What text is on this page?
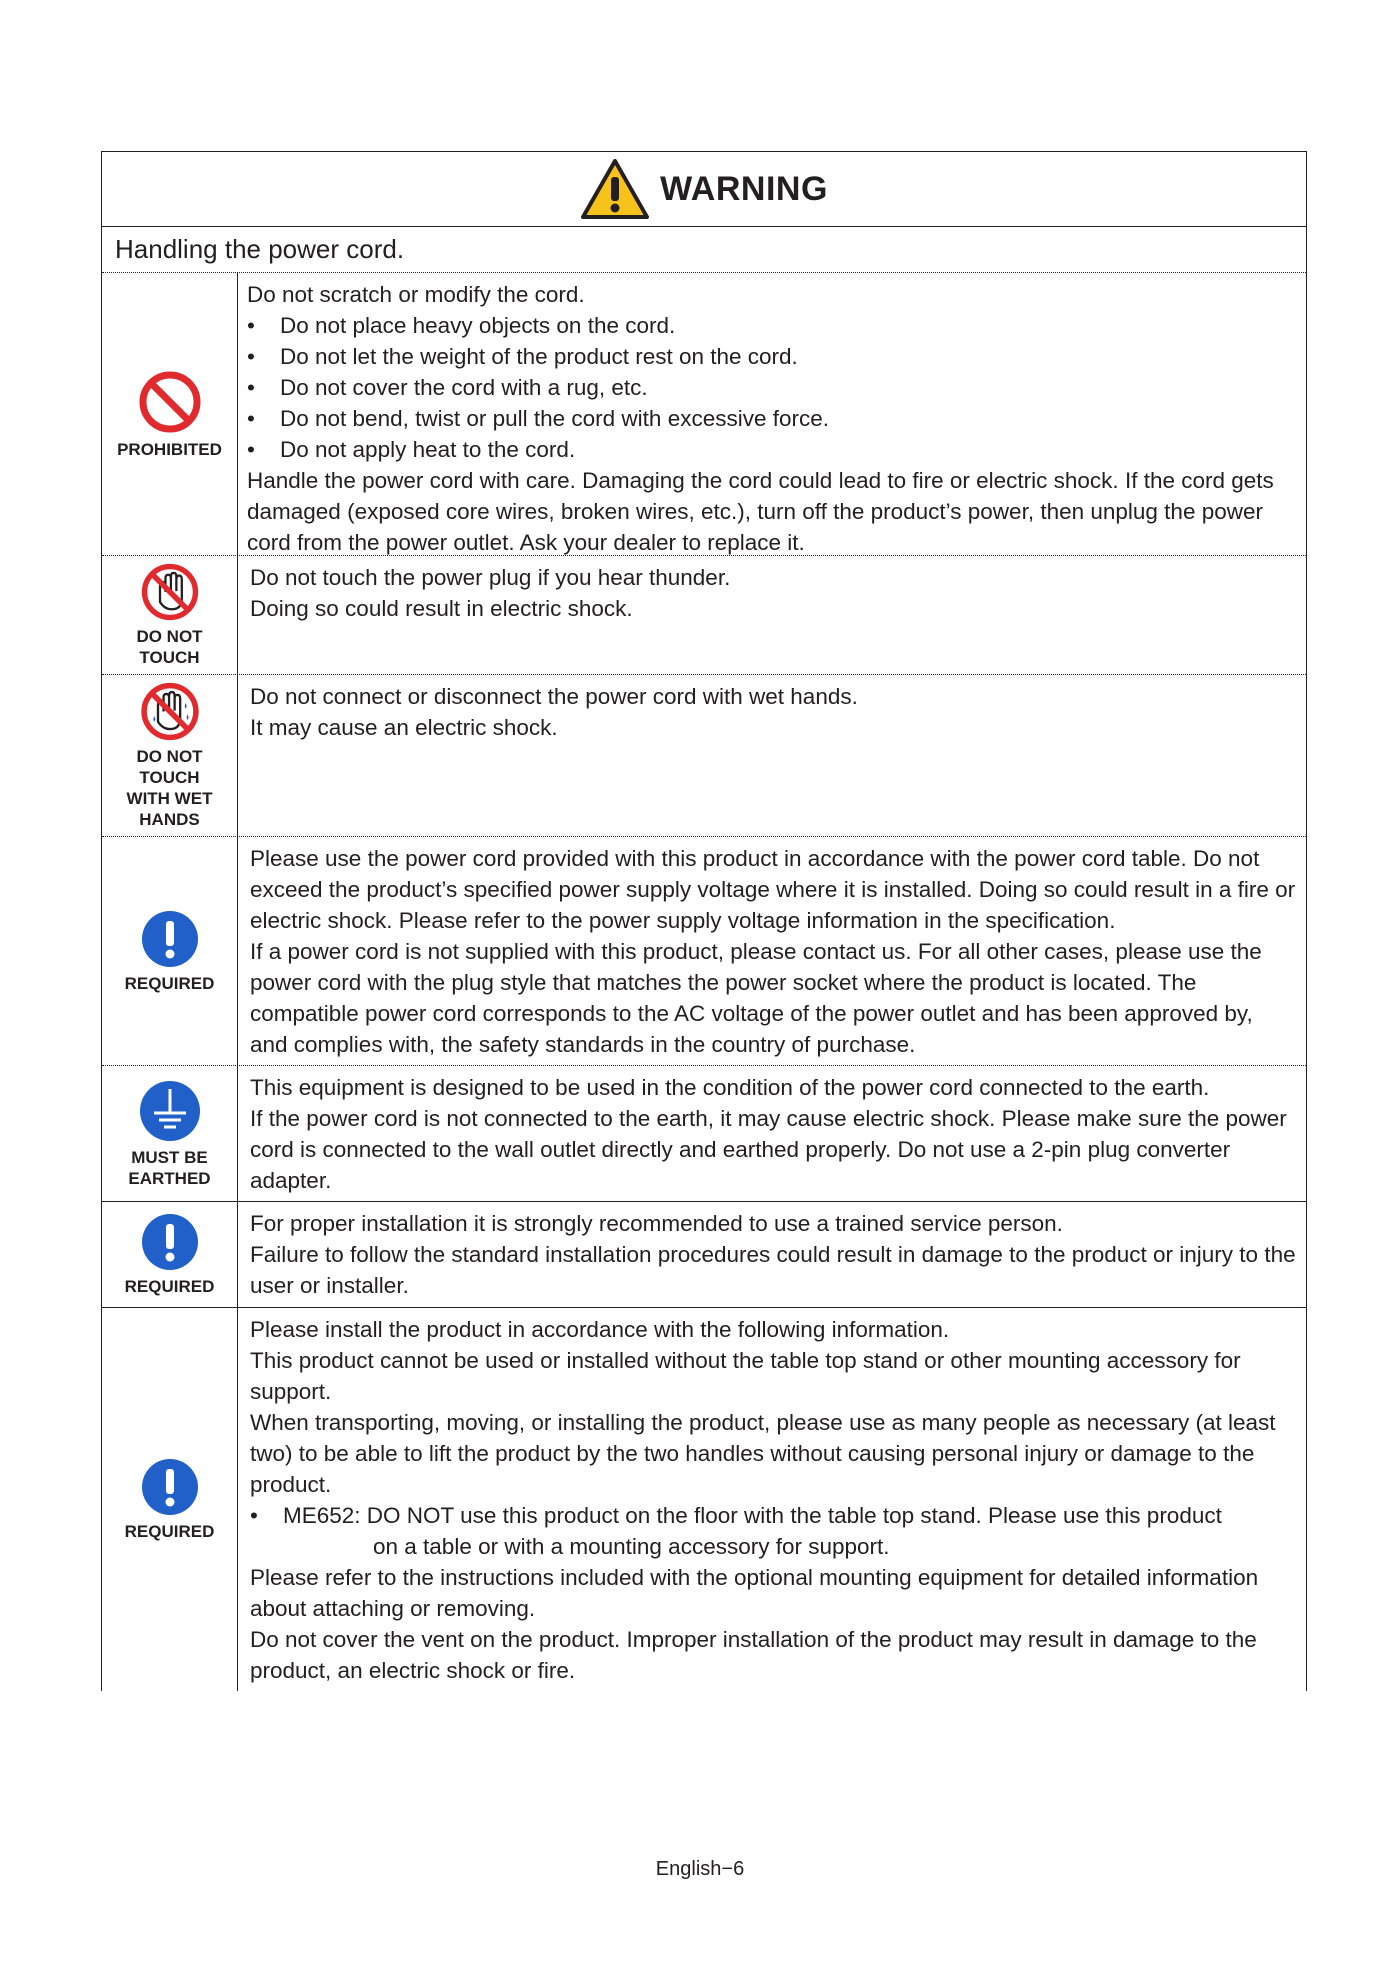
WARNING
Handling the power cord.
PROHIBITED

Do not scratch or modify the cord.

•	Do not place heavy objects on the cord.
•	Do not let the weight of the product rest on the cord.
•	Do not cover the cord with a rug, etc.
•	Do not bend, twist or pull the cord with excessive force.
•	Do not apply heat to the cord.

Handle the power cord with care. Damaging the cord could lead to fire or electric shock. If the cord gets damaged (exposed core wires, broken wires, etc.), turn off the product’s power, then unplug the power cord from the power outlet. Ask your dealer to replace it.

DO NOT
TOUCH

Do not touch the power plug if you hear thunder.

Doing so could result in electric shock.

DO NOT
TOUCH
WITH WET
HANDS

Do not connect or disconnect the power cord with wet hands.

It may cause an electric shock.

REQUIRED

Please use the power cord provided with this product in accordance with the power cord table. Do not exceed the product’s specified power supply voltage where it is installed. Doing so could result in a fire or electric shock. Please refer to the power supply voltage information in the specification.

If a power cord is not supplied with this product, please contact us. For all other cases, please use the power cord with the plug style that matches the power socket where the product is located. The compatible power cord corresponds to the AC voltage of the power outlet and has been approved by, and complies with, the safety standards in the country of purchase.

MUST BE
EARTHED

This equipment is designed to be used in the condition of the power cord connected to the earth.

If the power cord is not connected to the earth, it may cause electric shock. Please make sure the power cord is connected to the wall outlet directly and earthed properly. Do not use a 2-pin plug converter adapter.

REQUIRED

For proper installation it is strongly recommended to use a trained service person.

Failure to follow the standard installation procedures could result in damage to the product or injury to the user or installer.

REQUIRED

Please install the product in accordance with the following information.

This product cannot be used or installed without the table top stand or other mounting accessory for support.

When transporting, moving, or installing the product, please use as many people as necessary (at least two) to be able to lift the product by the two handles without causing personal injury or damage to the product.

•	ME652: DO NOT use this product on the floor with the table top stand. Please use this product

on a table or with a mounting accessory for support.

Please refer to the instructions included with the optional mounting equipment for detailed information about attaching or removing.

Do not cover the vent on the product. Improper installation of the product may result in damage to the product, an electric shock or fire.

English−6
